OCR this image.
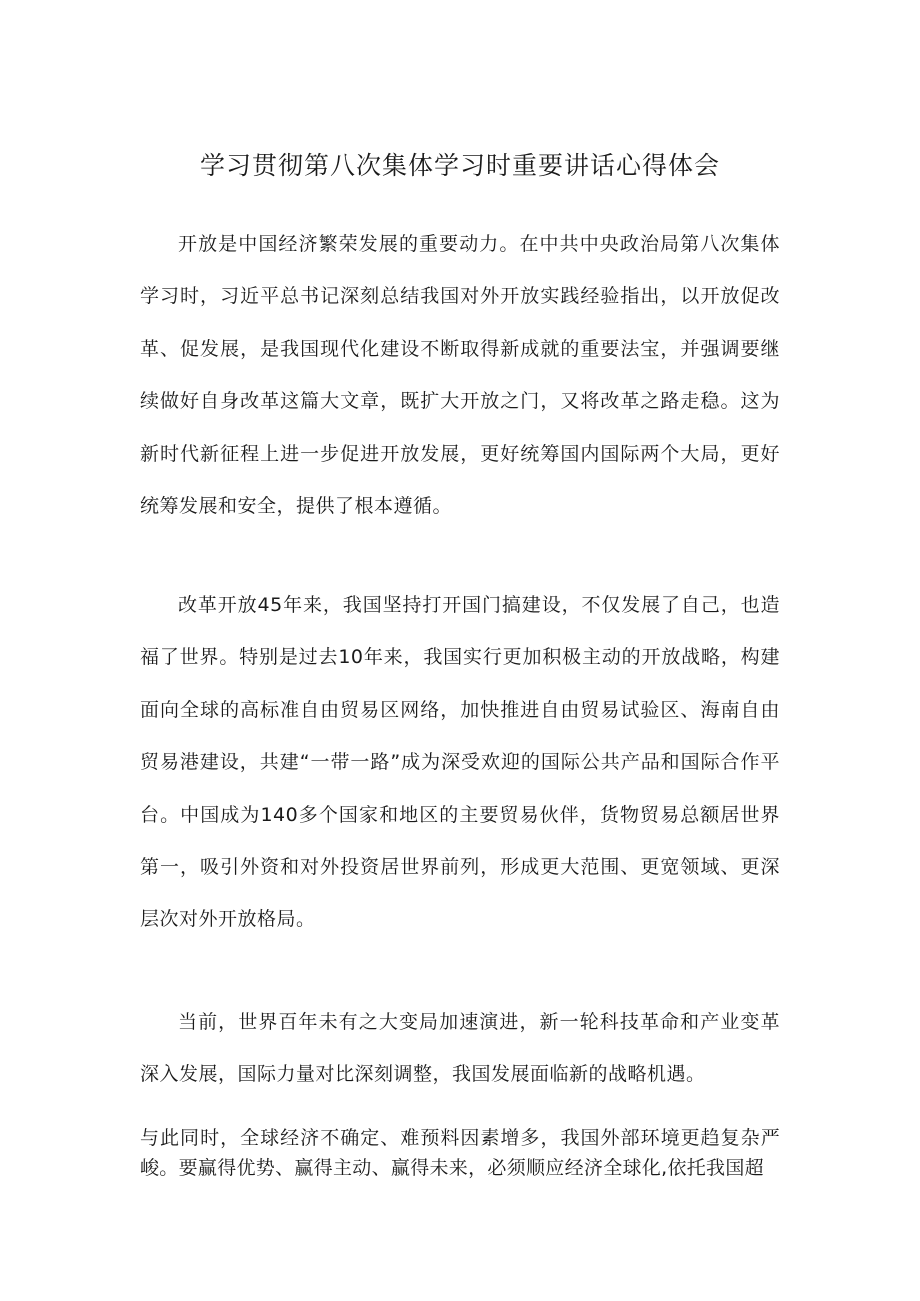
学习贯彻第八次集体学习时重要讲话心得体会

开放是中国经济繁荣发展的重要动力。在中共中央政治局第八次集体学习时，习近平总书记深刻总结我国对外开放实践经验指出，以开放促改革、促发展，是我国现代化建设不断取得新成就的重要法宝，并强调要继续做好自身改革这篇大文章，既扩大开放之门，又将改革之路走稳。这为新时代新征程上进一步促进开放发展，更好统筹国内国际两个大局，更好统筹发展和安全，提供了根本遵循。

改革开放45年来，我国坚持打开国门搞建设，不仅发展了自己，也造福了世界。特别是过去10年来，我国实行更加积极主动的开放战略，构建面向全球的高标准自由贸易区网络，加快推进自由贸易试验区、海南自由贸易港建设，共建“一带一路”成为深受欢迎的国际公共产品和国际合作平台。中国成为140多个国家和地区的主要贸易伙伴，货物贸易总额居世界第一，吸引外资和对外投资居世界前列，形成更大范围、更宽领域、更深层次对外开放格局。

当前，世界百年未有之大变局加速演进，新一轮科技革命和产业变革深入发展，国际力量对比深刻调整，我国发展面临新的战略机遇。

与此同时，全球经济不确定、难预料因素增多，我国外部环境更趋复杂严峻。要赢得优势、赢得主动、赢得未来，必须顺应经济全球化,依托我国超
